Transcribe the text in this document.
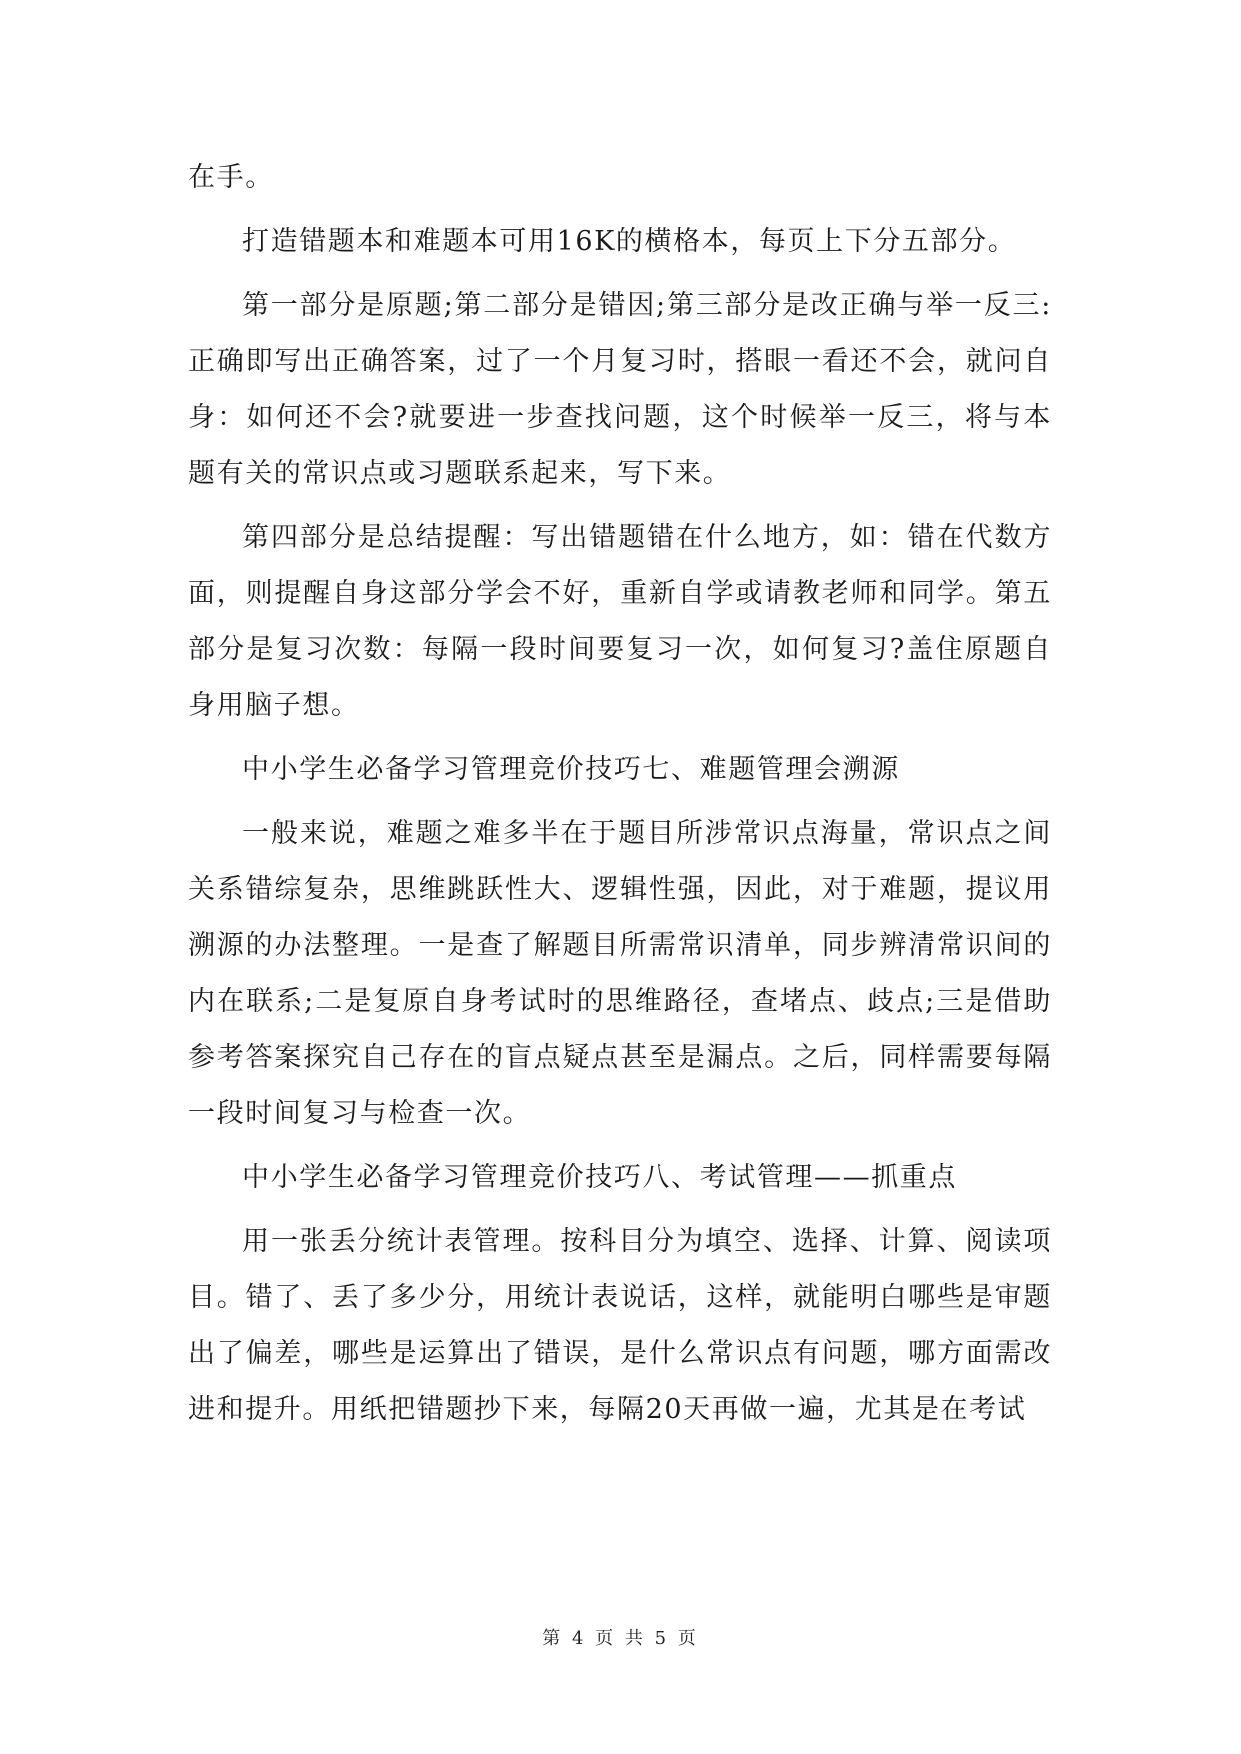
在手。

打造错题本和难题本可用16K的横格本，每页上下分五部分。

第一部分是原题;第二部分是错因;第三部分是改正确与举一反三:正确即写出正确答案，过了一个月复习时，搭眼一看还不会，就问自身：如何还不会?就要进一步查找问题，这个时候举一反三，将与本题有关的常识点或习题联系起来，写下来。

第四部分是总结提醒：写出错题错在什么地方，如：错在代数方面，则提醒自身这部分学会不好，重新自学或请教老师和同学。第五部分是复习次数：每隔一段时间要复习一次，如何复习?盖住原题自身用脑子想。

中小学生必备学习管理竞价技巧七、难题管理会溯源

一般来说，难题之难多半在于题目所涉常识点海量，常识点之间关系错综复杂，思维跳跃性大、逻辑性强，因此，对于难题，提议用溯源的办法整理。一是查了解题目所需常识清单，同步辨清常识间的内在联系;二是复原自身考试时的思维路径，查堵点、歧点;三是借助参考答案探究自己存在的盲点疑点甚至是漏点。之后，同样需要每隔一段时间复习与检查一次。

中小学生必备学习管理竞价技巧八、考试管理——抓重点

用一张丢分统计表管理。按科目分为填空、选择、计算、阅读项目。错了、丢了多少分，用统计表说话，这样，就能明白哪些是审题出了偏差，哪些是运算出了错误，是什么常识点有问题，哪方面需改进和提升。用纸把错题抄下来，每隔20天再做一遍，尤其是在考试

第 4 页 共 5 页
